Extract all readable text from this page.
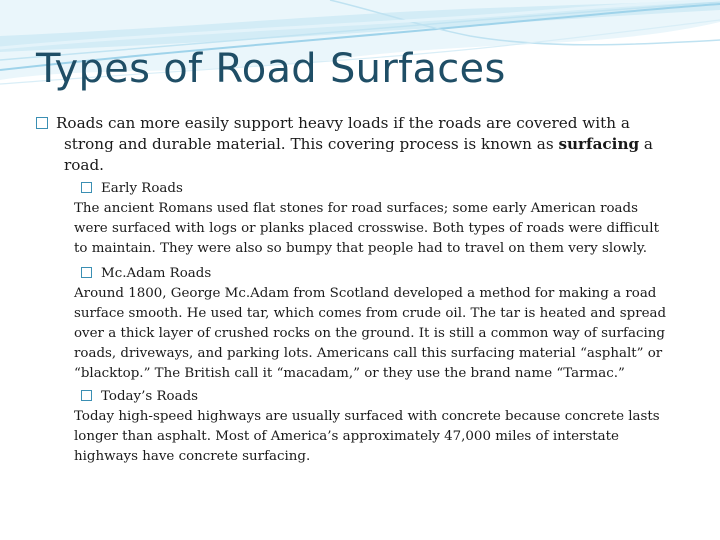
Types of Road Surfaces
Roads can more easily support heavy loads if the roads are covered with a strong and durable material. This covering process is known as surfacing a road.
Early Roads

The ancient Romans used flat stones for road surfaces; some early American roads
were surfaced with logs or planks placed crosswise. Both types of roads were difficult
to maintain. They were also so bumpy that people had to travel on them very slowly.

Mc.Adam Roads

Around 1800, George Mc.Adam from Scotland developed a method for making a road
surface smooth. He used tar, which comes from crude oil. The tar is heated and spread
over a thick layer of crushed rocks on the ground. It is still a common way of surfacing
roads, driveways, and parking lots. Americans call this surfacing material “asphalt” or
“blacktop.” The British call it “macadam,” or they use the brand name “Tarmac.”

Today’s Roads

Today high-speed highways are usually surfaced with concrete because concrete lasts
longer than asphalt. Most of America’s approximately 47,000 miles of interstate
highways have concrete surfacing.
